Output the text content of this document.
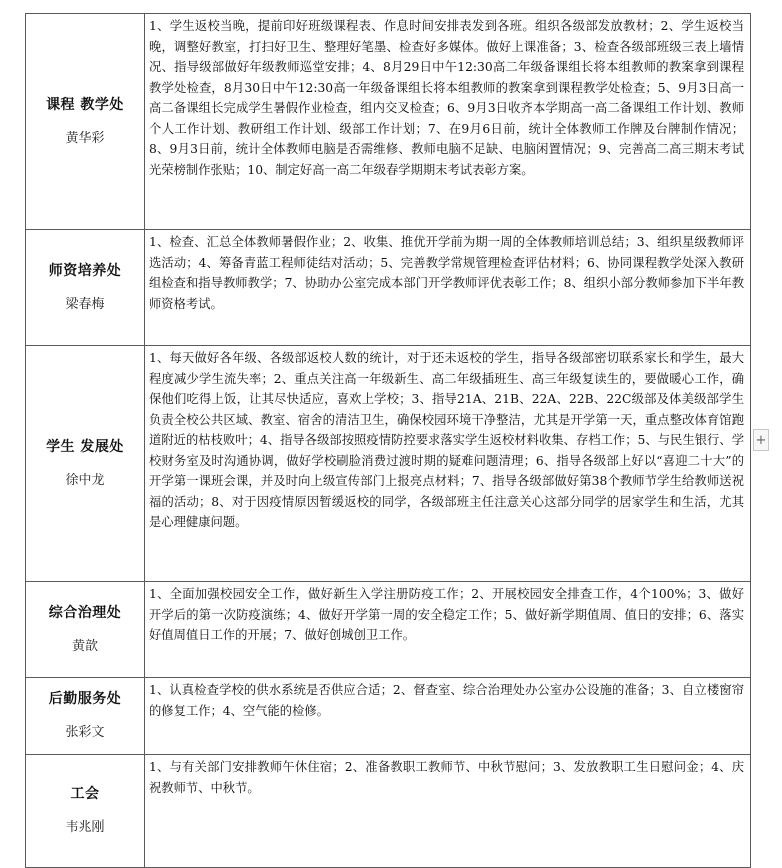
课程 教学处
黄华彩	1、学生返校当晚，提前印好班级课程表、作息时间安排表发到各班。组织各级部发放教材；2、学生返校当晚，调整好教室，打扫好卫生、整理好笔墨、检查好多媒体。做好上课准备；3、检查各级部班级三表上墙情况、指导级部做好年级教师巡堂安排；4、8月29日中午12:30高二年级备课组长将本组教师的教案拿到课程教学处检查，8月30日中午12:30高一年级备课组长将本组教师的教案拿到课程教学处检查；5、9月3日高一高二备课组长完成学生暑假作业检查，组内交叉检查；6、9月3日收齐本学期高一高二备课组工作计划、教师个人工作计划、教研组工作计划、级部工作计划；7、在9月6日前，统计全体教师工作牌及台牌制作情况；8、9月3日前，统计全体教师电脑是否需维修、教师电脑不足缺、电脑闲置情况；9、完善高二高三期末考试光荣榜制作张贴；10、制定好高一高二年级春学期期末考试表彰方案。

师资培养处
梁春梅	1、检查、汇总全体教师暑假作业；2、收集、推优开学前为期一周的全体教师培训总结；3、组织星级教师评选活动；4、筹备青蓝工程师徒结对活动；5、完善教学常规管理检查评估材料；6、协同课程教学处深入教研组检查和指导教师教学；7、协助办公室完成本部门开学教师评优表彰工作；8、组织小部分教师参加下半年教师资格考试。

学生 发展处
徐中龙	1、每天做好各年级、各级部返校人数的统计，对于还未返校的学生，指导各级部密切联系家长和学生，最大程度减少学生流失率；2、重点关注高一年级新生、高二年级插班生、高三年级复读生的，要做暖心工作，确保他们吃得上饭，让其尽快适应，喜欢上学校；3、指导21A、21B、22A、22B、22C级部及体美级部学生负责全校公共区域、教室、宿舍的清洁卫生，确保校园环境干净整洁，尤其是开学第一天，重点整改体育馆跑道附近的枯枝败叶；4、指导各级部按照疫情防控要求落实学生返校材料收集、存档工作；5、与民生银行、学校财务室及时沟通协调，做好学校刷脸消费过渡时期的疑难问题清理；6、指导各级部上好以“喜迎二十大”的开学第一课班会课，并及时向上级宣传部门上报亮点材料；7、指导各级部做好第38个教师节学生给教师送祝福的活动；8、对于因疫情原因暂缓返校的同学，各级部班主任注意关心这部分同学的居家学生和生活，尤其是心理健康问题。

综合治理处
黄歆	1、全面加强校园安全工作，做好新生入学注册防疫工作；2、开展校园安全排查工作，4个100%；3、做好开学后的第一次防疫演练；4、做好开学第一周的安全稳定工作；5、做好新学期值周、值日的安排；6、落实好值周值日工作的开展；7、做好创城创卫工作。

后勤服务处
张彩文	1、认真检查学校的供水系统是否供应合适；2、督查室、综合治理处办公室办公设施的准备；3、自立楼窗帘的修复工作；4、空气能的检修。

工会
韦兆刚	1、与有关部门安排教师午休住宿；2、准备教职工教师节、中秋节慰问；3、发放教职工生日慰问金；4、庆祝教师节、中秋节。
+
